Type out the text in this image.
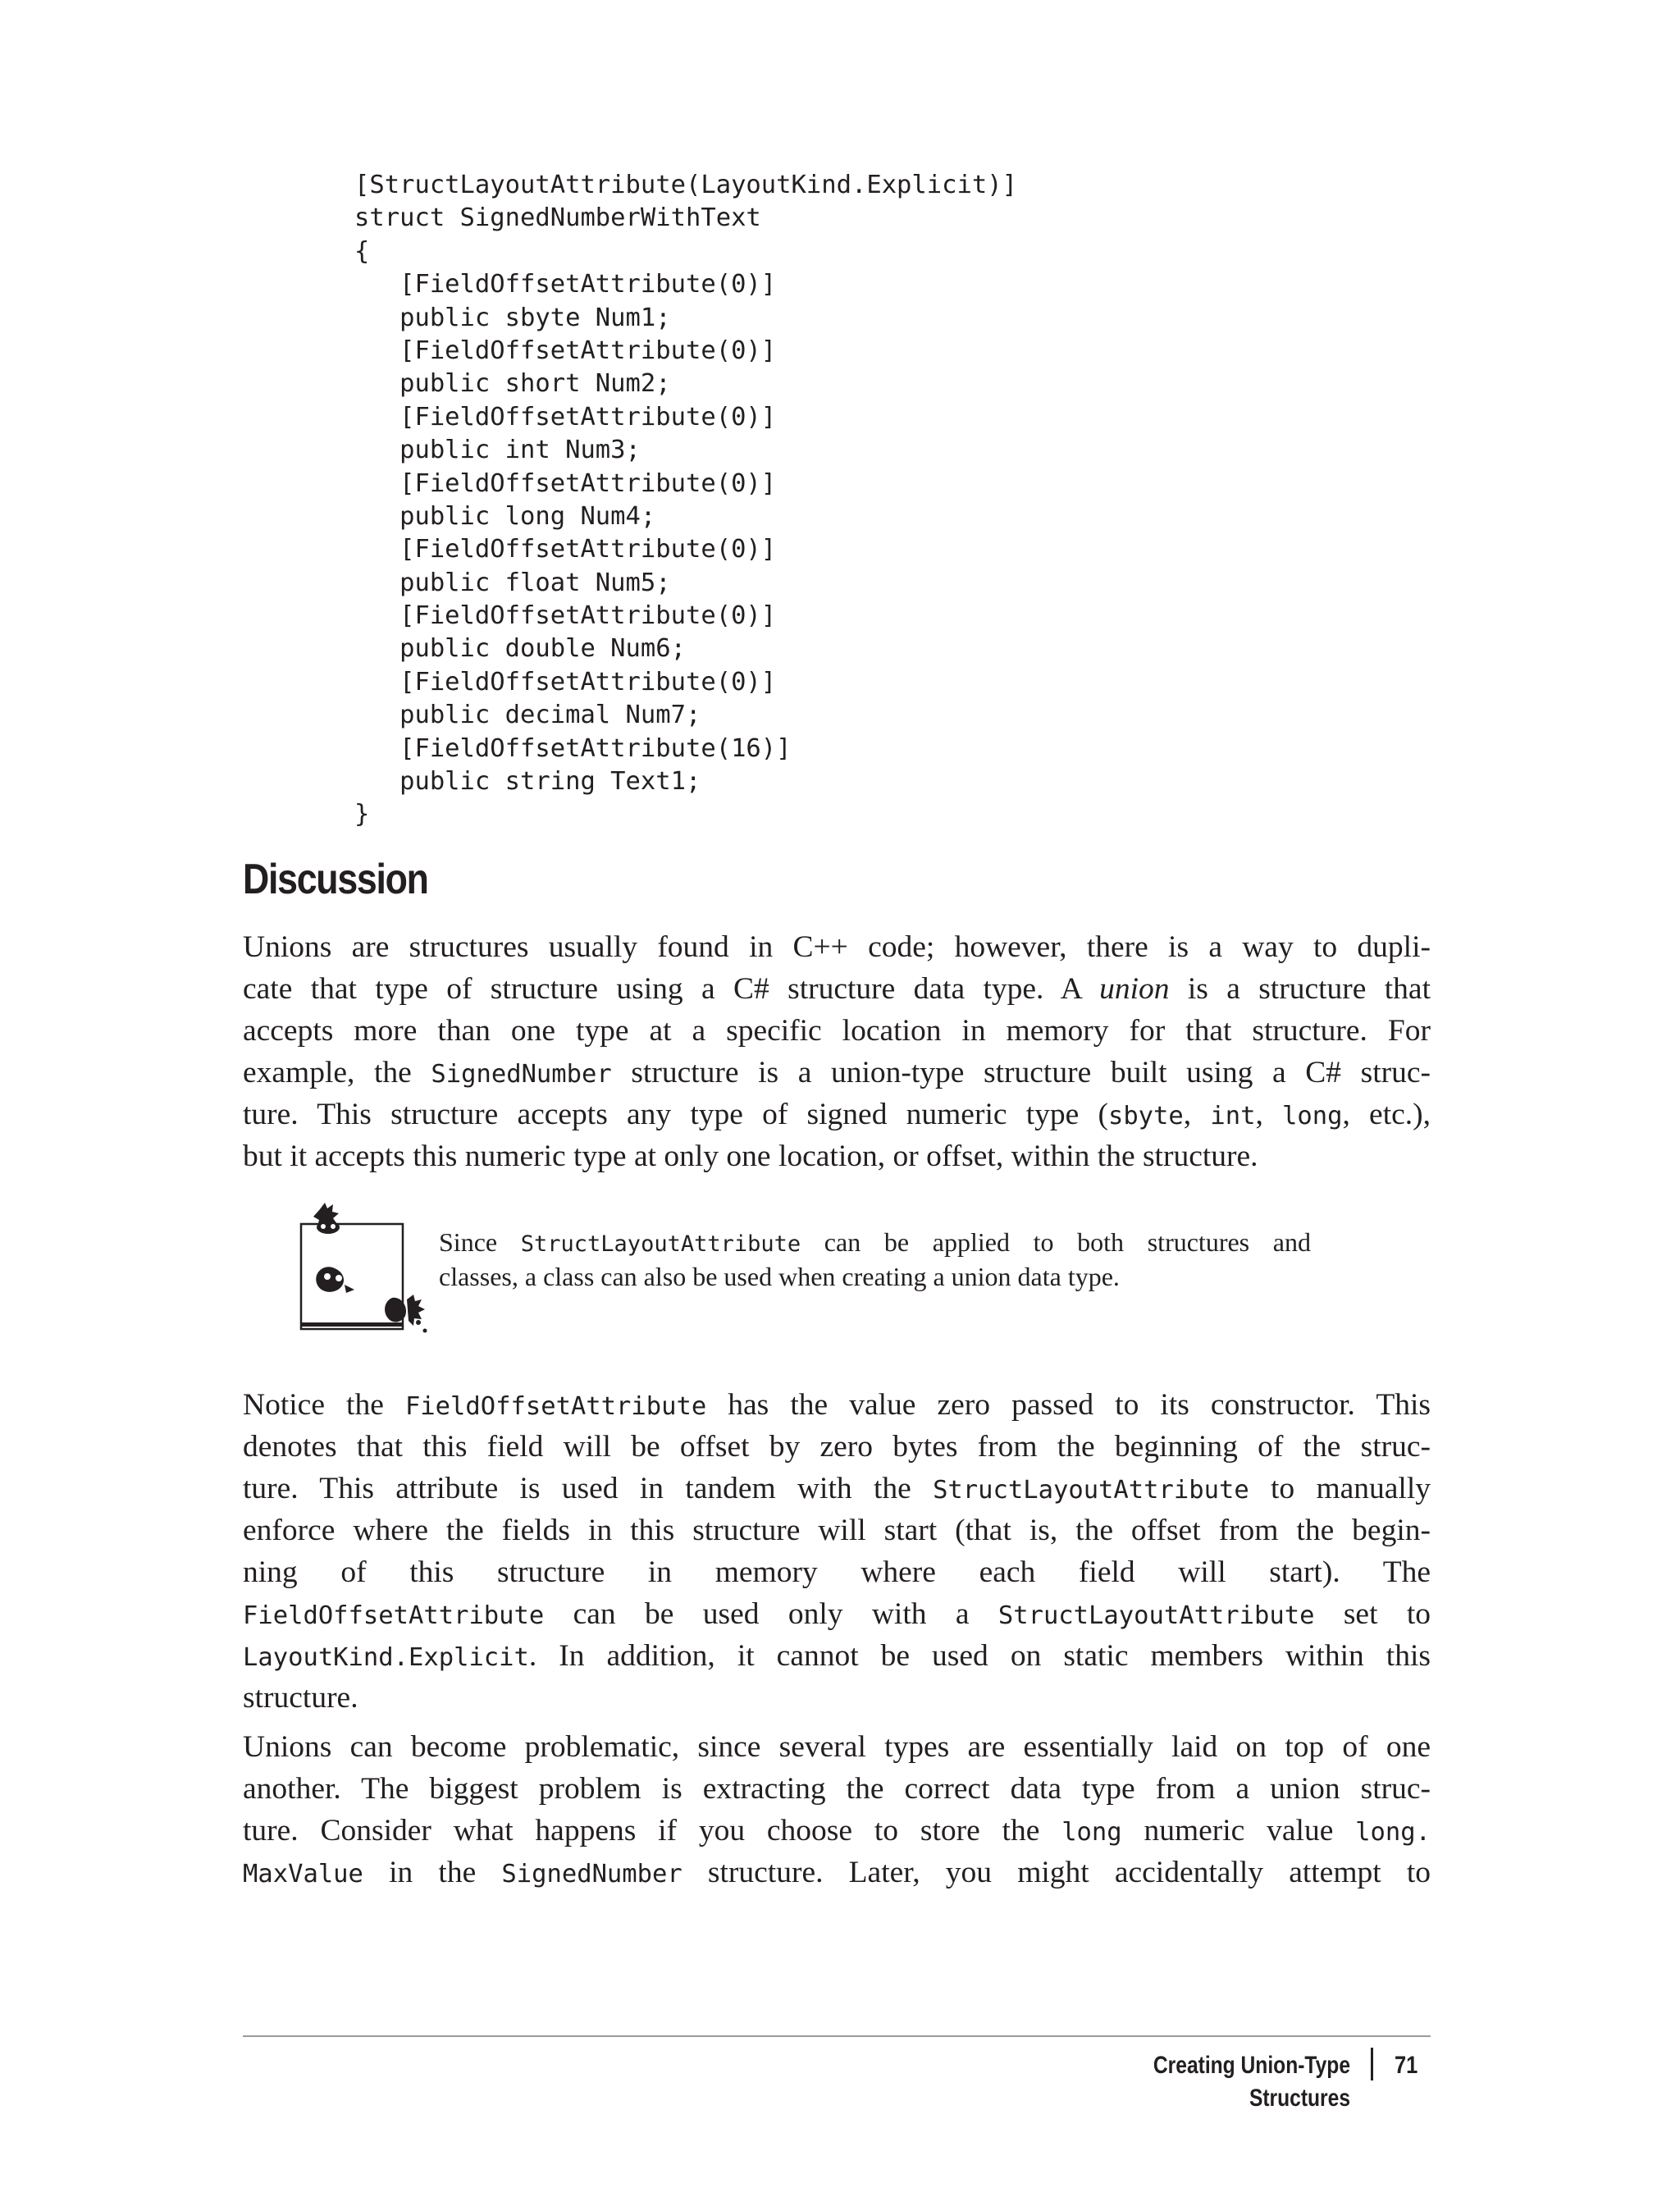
[StructLayoutAttribute(LayoutKind.Explicit)]
struct SignedNumberWithText
{
[FieldOffsetAttribute(0)]
public sbyte Num1;
[FieldOffsetAttribute(0)]
public short Num2;
[FieldOffsetAttribute(0)]
public int Num3;
[FieldOffsetAttribute(0)]
public long Num4;
[FieldOffsetAttribute(0)]
public float Num5;
[FieldOffsetAttribute(0)]
public double Num6;
[FieldOffsetAttribute(0)]
public decimal Num7;
[FieldOffsetAttribute(16)]
public string Text1;
}
Discussion
Unions are structures usually found in C++ code; however, there is a way to dupli-
cate that type of structure using a C# structure data type. A union is a structure that
accepts more than one type at a specific location in memory for that structure. For
example, the SignedNumber structure is a union-type structure built using a C# struc-
ture. This structure accepts any type of signed numeric type (sbyte, int, long, etc.),
but it accepts this numeric type at only one location, or offset, within the structure.
Since StructLayoutAttribute can be applied to both structures and
classes, a class can also be used when creating a union data type.
Notice the FieldOffsetAttribute has the value zero passed to its constructor. This
denotes that this field will be offset by zero bytes from the beginning of the struc-
ture. This attribute is used in tandem with the StructLayoutAttribute to manually
enforce where the fields in this structure will start (that is, the offset from the begin-
ning of this structure in memory where each field will start). The
FieldOffsetAttribute can be used only with a StructLayoutAttribute set to
LayoutKind.Explicit. In addition, it cannot be used on static members within this
structure.
Unions can become problematic, since several types are essentially laid on top of one
another. The biggest problem is extracting the correct data type from a union struc-
ture. Consider what happens if you choose to store the long numeric value long.
MaxValue in the SignedNumber structure. Later, you might accidentally attempt to
Creating Union-Type Structures
71
